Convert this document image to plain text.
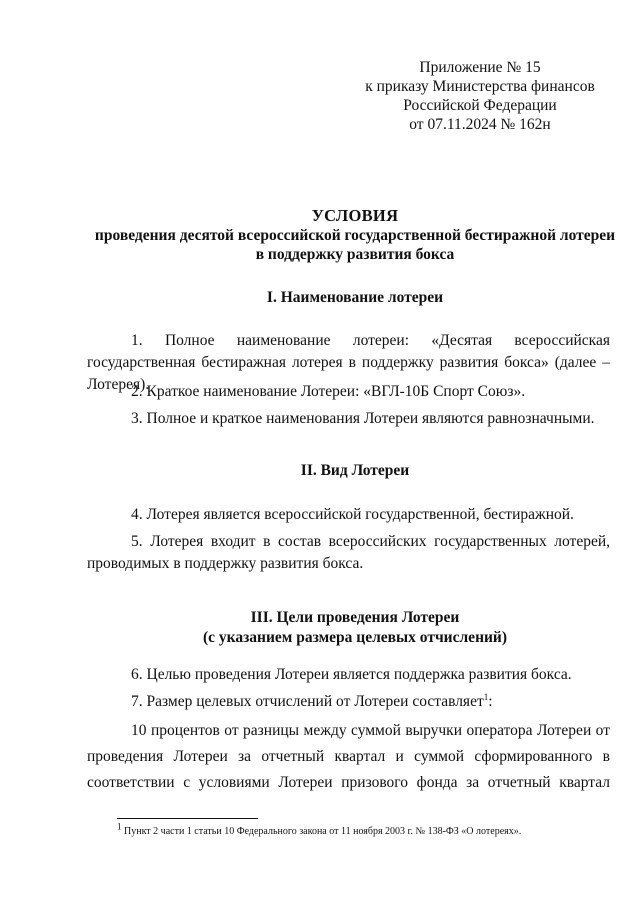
Приложение № 15
к приказу Министерства финансов
Российской Федерации
от 07.11.2024 № 162н
УСЛОВИЯ
проведения десятой всероссийской государственной бестиражной лотереи
в поддержку развития бокса
I. Наименование лотереи
1. Полное наименование лотереи: «Десятая всероссийская государственная бестиражная лотерея в поддержку развития бокса» (далее – Лотерея).
2. Краткое наименование Лотереи: «ВГЛ-10Б Спорт Союз».
3. Полное и краткое наименования Лотереи являются равнозначными.
II. Вид Лотереи
4. Лотерея является всероссийской государственной, бестиражной.
5. Лотерея входит в состав всероссийских государственных лотерей, проводимых в поддержку развития бокса.
III. Цели проведения Лотереи
(с указанием размера целевых отчислений)
6. Целью проведения Лотереи является поддержка развития бокса.
7. Размер целевых отчислений от Лотереи составляет$^1$:
10 процентов от разницы между суммой выручки оператора Лотереи от проведения Лотереи за отчетный квартал и суммой сформированного в соответствии с условиями Лотереи призового фонда за отчетный квартал
$^1$ Пункт 2 части 1 статьи 10 Федерального закона от 11 ноября 2003 г. № 138-ФЗ «О лотереях».
